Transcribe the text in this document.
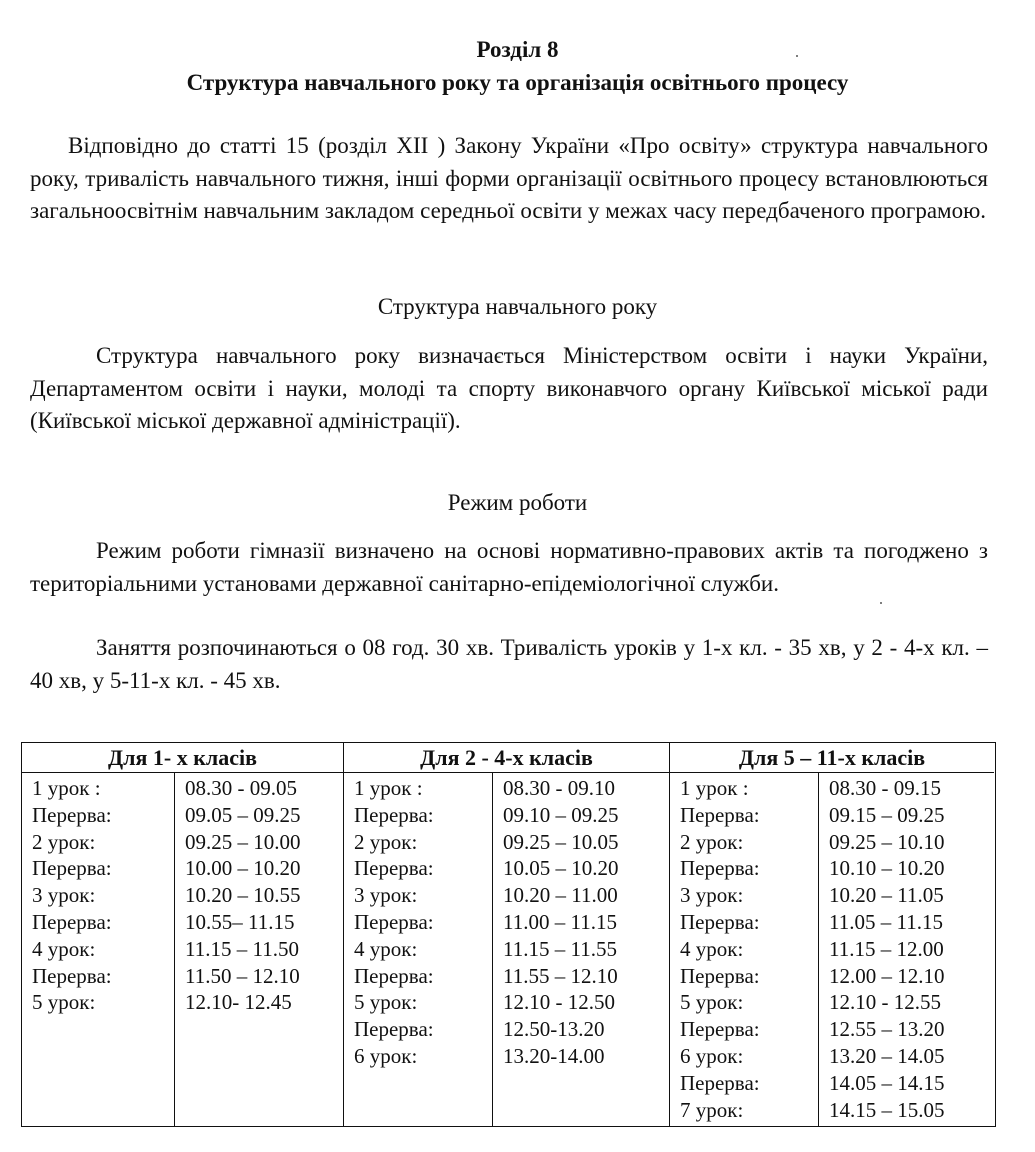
Розділ 8
Структура навчального року та організація освітнього процесу
Відповідно до статті 15 (розділ XII ) Закону України «Про освіту» структура навчального року, тривалість навчального тижня, інші форми організації освітнього процесу встановлюються загальноосвітнім навчальним закладом середньої освіти у межах часу передбаченого програмою.
Структура навчального року
Структура навчального року визначається Міністерством освіти і науки України, Департаментом освіти і науки, молоді та спорту виконавчого органу Київської міської ради (Київської міської державної адміністрації).
Режим роботи
Режим роботи гімназії визначено на основі нормативно-правових актів та погоджено з територіальними установами державної санітарно-епідеміологічної служби.
Заняття розпочинаються о 08 год. 30 хв. Тривалість уроків у 1-х кл. - 35 хв, у 2 - 4-х кл. – 40 хв, у 5-11-х кл. - 45 хв.
Для 1- х класів
1 урок :
Перерва:
2 урок:
Перерва:
3 урок:
Перерва:
4 урок:
Перерва:
5 урок:
08.30 - 09.05
09.05 – 09.25
09.25 – 10.00
10.00 – 10.20
10.20 – 10.55
10.55– 11.15
11.15 – 11.50
11.50 – 12.10
12.10- 12.45
Для 2 - 4-х класів
1 урок :
Перерва:
2 урок:
Перерва:
3 урок:
Перерва:
4 урок:
Перерва:
5 урок:
Перерва:
6 урок:
08.30 - 09.10
09.10 – 09.25
09.25 – 10.05
10.05 – 10.20
10.20 – 11.00
11.00 – 11.15
11.15 – 11.55
11.55 – 12.10
12.10 - 12.50
12.50-13.20
13.20-14.00
Для 5 – 11-х класів
1 урок :
Перерва:
2 урок:
Перерва:
3 урок:
Перерва:
4 урок:
Перерва:
5 урок:
Перерва:
6 урок:
Перерва:
7 урок:
08.30 - 09.15
09.15 – 09.25
09.25 – 10.10
10.10 – 10.20
10.20 – 11.05
11.05 – 11.15
11.15 – 12.00
12.00 – 12.10
12.10 - 12.55
12.55 – 13.20
13.20 – 14.05
14.05 – 14.15
14.15 – 15.05
